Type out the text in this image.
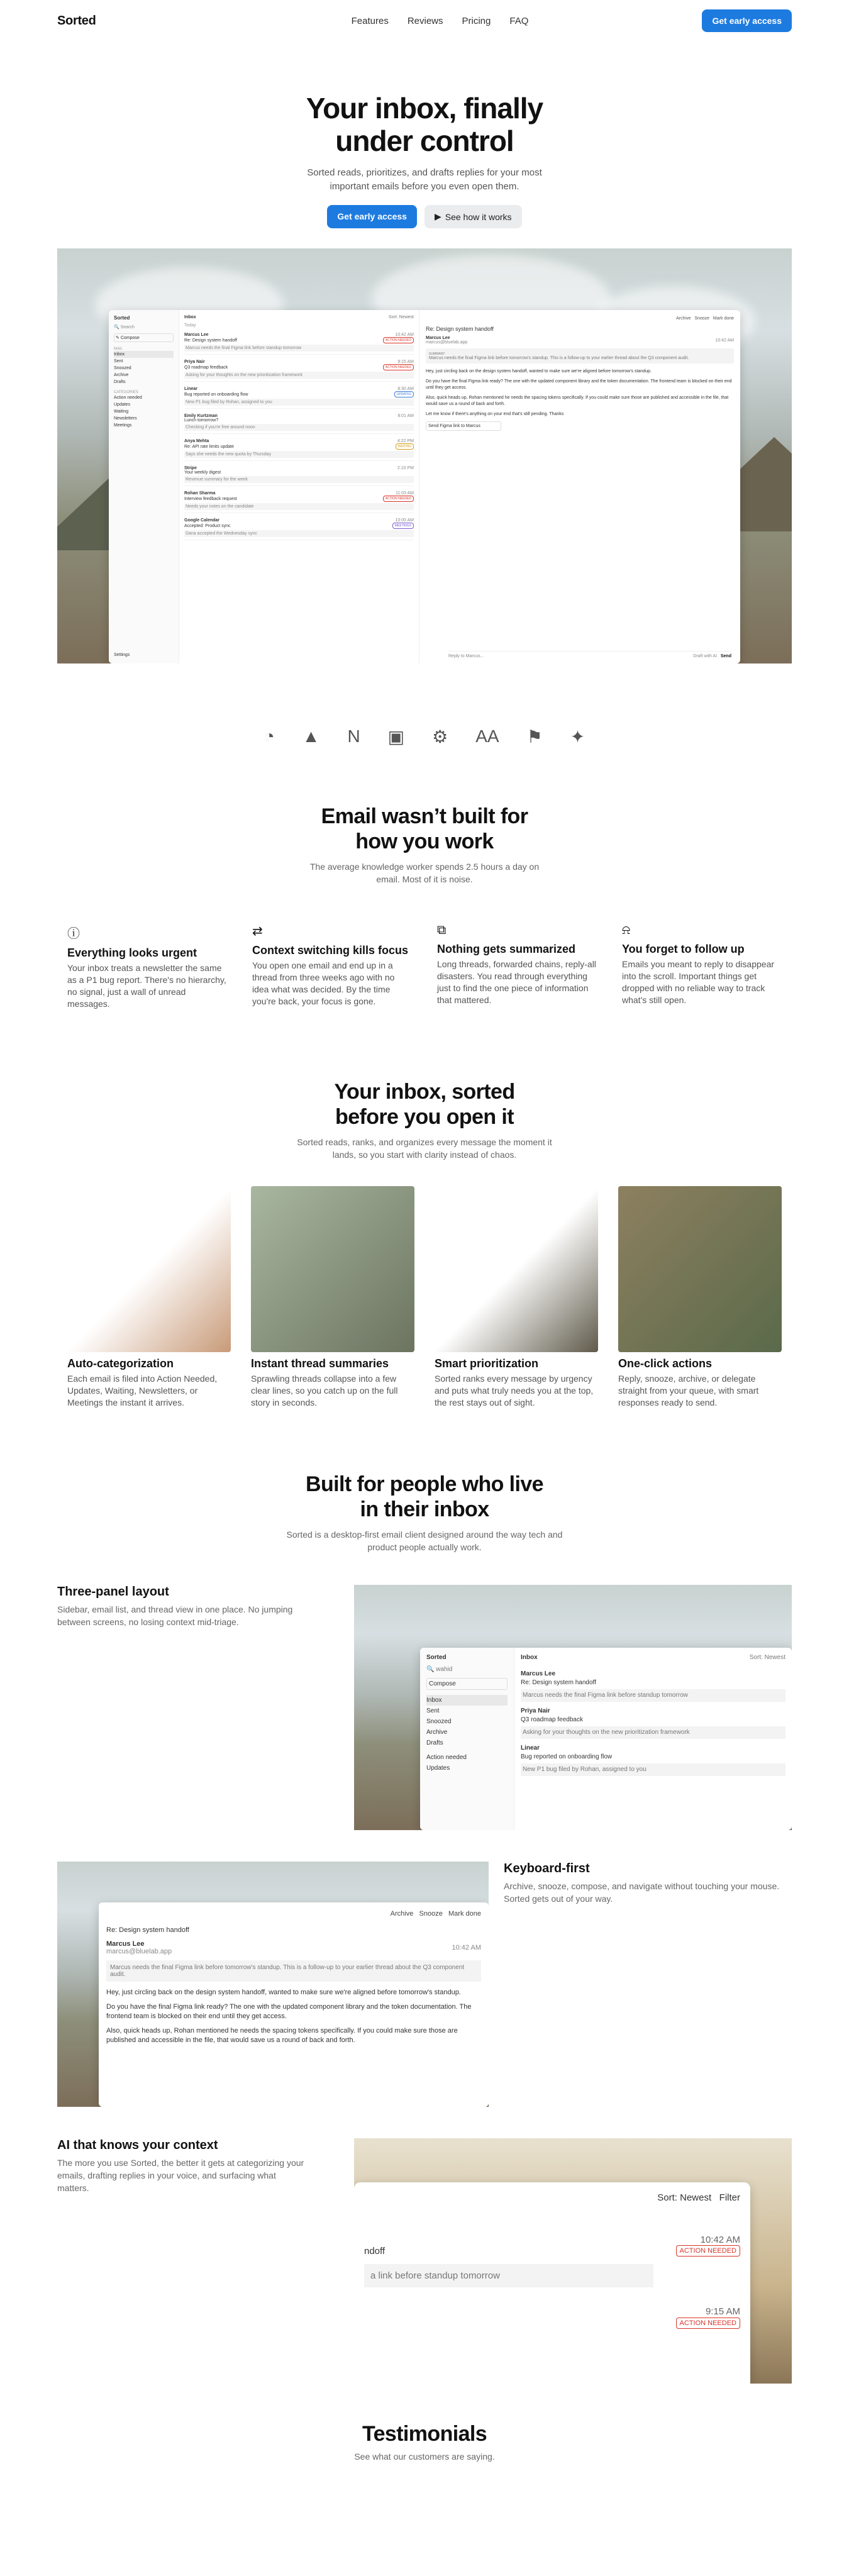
Sorted	Features Reviews Pricing FAQ	Get early access
Your inbox, finally
under control
Sorted reads, prioritizes, and drafts replies for your most important emails before you even open them.
Get early access	▶ See how it works
Sorted
🔍 Search
✎ Compose
MAIL
Inbox
Sent
Snoozed
Archive
Drafts
CATEGORIES
Action needed
Updates
Waiting
Newsletters
Meetings
Settings
Inbox	Sort: Newest
Today
Marcus Lee	10:42 AM
Re: Design system handoff	ACTION NEEDED
Marcus needs the final Figma link before standup tomorrow
Priya Nair	9:15 AM
Q3 roadmap feedback	ACTION NEEDED
Asking for your thoughts on the new prioritization framework
Linear	8:30 AM
Bug reported on onboarding flow	UPDATES
New P1 bug filed by Rohan, assigned to you
Emily Kurtzman	8:01 AM
Lunch tomorrow?
Checking if you're free around noon
Anya Mehta	4:22 PM
Re: API rate limits update	WAITING
Says she needs the new quota by Thursday
Stripe	2:10 PM
Your weekly digest
Revenue summary for the week
Rohan Sharma	11:03 AM
Interview feedback request	ACTION NEEDED
Needs your notes on the candidate
Google Calendar	10:00 AM
Accepted: Product sync	MEETINGS
Dana accepted the Wednesday sync
Archive Snooze Mark done
Re: Design system handoff
Marcus Lee
marcus@bluelab.app	10:42 AM
SUMMARY
Marcus needs the final Figma link before tomorrow's standup. This is a follow-up to your earlier thread about the Q3 component audit.

Hey, just circling back on the design system handoff, wanted to make sure we're aligned before tomorrow's standup.

Do you have the final Figma link ready? The one with the updated component library and the token documentation. The frontend team is blocked on their end until they get access.

Also, quick heads up, Rohan mentioned he needs the spacing tokens specifically. If you could make sure those are published and accessible in the file, that would save us a round of back and forth.

Let me know if there's anything on your end that's still pending. Thanks

Send Figma link to Marcus
Reply to Marcus...	Draft with AI Send
◔ ▲ N ▣ ⚙ AA ⚑ ✦
Email wasn’t built for
how you work
The average knowledge worker spends 2.5 hours a day on email. Most of it is noise.
ⓘ
Everything looks urgent

Your inbox treats a newsletter the same as a P1 bug report. There's no hierarchy, no signal, just a wall of unread messages.

⇄
Context switching kills focus

You open one email and end up in a thread from three weeks ago with no idea what was decided. By the time you're back, your focus is gone.

⧉
Nothing gets summarized

Long threads, forwarded chains, reply-all disasters. You read through everything just to find the one piece of information that mattered.

⍾
You forget to follow up

Emails you meant to reply to disappear into the scroll. Important things get dropped with no reliable way to track what's still open.

Your inbox, sorted
before you open it
Sorted reads, ranks, and organizes every message the moment it lands, so you start with clarity instead of chaos.
Auto-categorization

Each email is filed into Action Needed, Updates, Waiting, Newsletters, or Meetings the instant it arrives.

Instant thread summaries

Sprawling threads collapse into a few clear lines, so you catch up on the full story in seconds.

Smart prioritization

Sorted ranks every message by urgency and puts what truly needs you at the top, the rest stays out of sight.

One-click actions

Reply, snooze, archive, or delegate straight from your queue, with smart responses ready to send.

Built for people who live
in their inbox
Sorted is a desktop-first email client designed around the way tech and product people actually work.
Three-panel layout
Sidebar, email list, and thread view in one place. No jumping between screens, no losing context mid-triage.
Sorted
🔍 wahid
Compose
Inbox
Sent
Snoozed
Archive
Drafts
Action needed
Updates
Inbox	Sort: Newest
Marcus Lee
Re: Design system handoff
Marcus needs the final Figma link before standup tomorrow
Priya Nair
Q3 roadmap feedback
Asking for your thoughts on the new prioritization framework
Linear
Bug reported on onboarding flow
New P1 bug filed by Rohan, assigned to you
Archive Snooze Mark done
Re: Design system handoff
Marcus Lee
marcus@bluelab.app	10:42 AM
Marcus needs the final Figma link before tomorrow's standup. This is a follow-up to your earlier thread about the Q3 component audit.

Hey, just circling back on the design system handoff, wanted to make sure we're aligned before tomorrow's standup.

Do you have the final Figma link ready? The one with the updated component library and the token documentation. The frontend team is blocked on their end until they get access.

Also, quick heads up, Rohan mentioned he needs the spacing tokens specifically. If you could make sure those are published and accessible in the file, that would save us a round of back and forth.

Keyboard-first
Archive, snooze, compose, and navigate without touching your mouse. Sorted gets out of your way.
AI that knows your context
The more you use Sorted, the better it gets at categorizing your emails, drafting replies in your voice, and surfacing what matters.
Sort: Newest Filter
10:42 AM
ndoff	ACTION NEEDED
a link before standup tomorrow
9:15 AM
ACTION NEEDED
Testimonials
See what our customers are saying.
